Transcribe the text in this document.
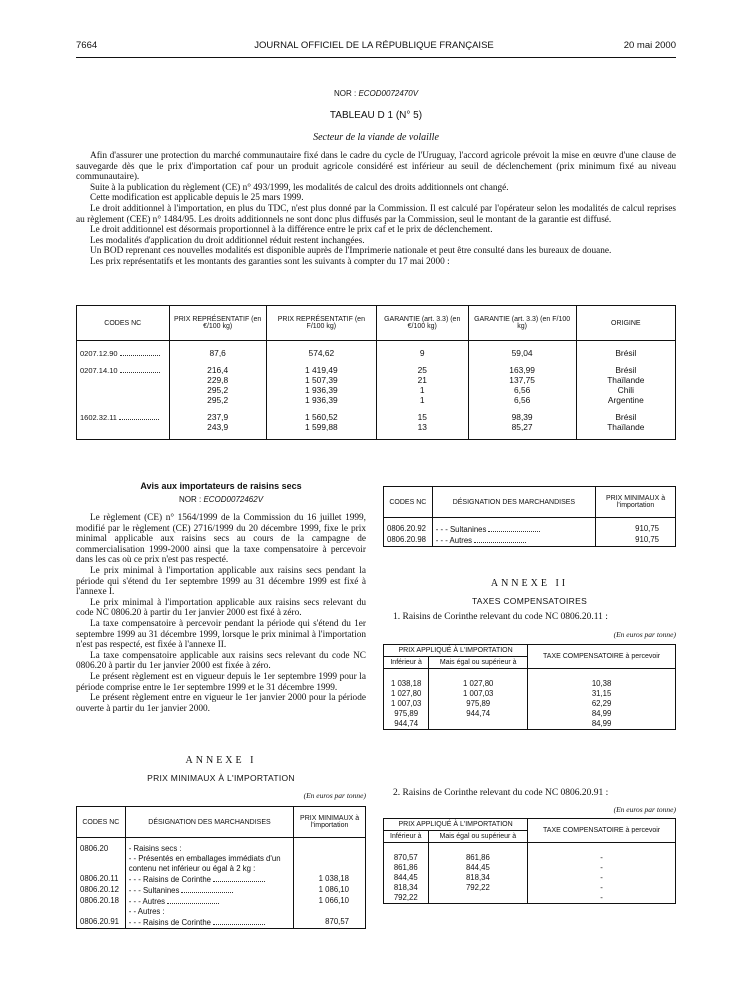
7664	JOURNAL OFFICIEL DE LA RÉPUBLIQUE FRANÇAISE	20 mai 2000
NOR : ECOD0072470V
TABLEAU D 1 (N° 5)
Secteur de la viande de volaille

Afin d'assurer une protection du marché communautaire fixé dans le cadre du cycle de l'Uruguay, l'accord agricole prévoit la mise en œuvre d'une clause de sauvegarde dès que le prix d'importation caf pour un produit agricole considéré est inférieur au seuil de déclenchement (prix minimum fixé au niveau communautaire).

Suite à la publication du règlement (CE) n° 493/1999, les modalités de calcul des droits additionnels ont changé.

Cette modification est applicable depuis le 25 mars 1999.

Le droit additionnel à l'importation, en plus du TDC, n'est plus donné par la Commission. Il est calculé par l'opérateur selon les modalités de calcul reprises au règlement (CEE) n° 1484/95. Les droits additionnels ne sont donc plus diffusés par la Commission, seul le montant de la garantie est diffusé.

Le droit additionnel est désormais proportionnel à la différence entre le prix caf et le prix de déclenchement.

Les modalités d'application du droit additionnel réduit restent inchangées.

Un BOD reprenant ces nouvelles modalités est disponible auprès de l'Imprimerie nationale et peut être consulté dans les bureaux de douane.

Les prix représentatifs et les montants des garanties sont les suivants à compter du 17 mai 2000 :

CODES NC	PRIX REPRÉSENTATIF (en €/100 kg)	PRIX REPRÉSENTATIF (en F/100 kg)	GARANTIE (art. 3.3) (en €/100 kg)	GARANTIE (art. 3.3) (en F/100 kg)	ORIGINE

0207.12.90	87,6	574,62	9	59,04	Brésil

0207.14.10	216,4	1 419,49	25	163,99	Brésil
	229,8	1 507,39	21	137,75	Thaïlande
	295,2	1 936,39	1	6,56	Chili
	295,2	1 936,39	1	6,56	Argentine

1602.32.11	237,9	1 560,52	15	98,39	Brésil
	243,9	1 599,88	13	85,27	Thaïlande

Avis aux importateurs de raisins secs
NOR : ECOD0072462V

Le règlement (CE) n° 1564/1999 de la Commission du 16 juillet 1999, modifié par le règlement (CE) 2716/1999 du 20 décembre 1999, fixe le prix minimal applicable aux raisins secs au cours de la campagne de commercialisation 1999-2000 ainsi que la taxe compensatoire à percevoir dans les cas où ce prix n'est pas respecté.

Le prix minimal à l'importation applicable aux raisins secs pendant la période qui s'étend du 1er septembre 1999 au 31 décembre 1999 est fixé à l'annexe I.

Le prix minimal à l'importation applicable aux raisins secs relevant du code NC 0806.20 à partir du 1er janvier 2000 est fixé à zéro.

La taxe compensatoire à percevoir pendant la période qui s'étend du 1er septembre 1999 au 31 décembre 1999, lorsque le prix minimal à l'importation n'est pas respecté, est fixée à l'annexe II.

La taxe compensatoire applicable aux raisins secs relevant du code NC 0806.20 à partir du 1er janvier 2000 est fixée à zéro.

Le présent règlement est en vigueur depuis le 1er septembre 1999 pour la période comprise entre le 1er septembre 1999 et le 31 décembre 1999.

Le présent règlement entre en vigueur le 1er janvier 2000 pour la période ouverte à partir du 1er janvier 2000.

ANNEXE I
PRIX MINIMAUX À L'IMPORTATION
(En euros par tonne)
CODES NC	DÉSIGNATION DES MARCHANDISES	PRIX MINIMAUX à l'importation

0806.20	- Raisins secs :	
	- - Présentés en emballages immédiats d'un contenu net inférieur ou égal à 2 kg :	
0806.20.11	- - - Raisins de Corinthe	1 038,18
0806.20.12	- - - Sultanines	1 086,10
0806.20.18	- - - Autres	1 066,10
	- - Autres :	
0806.20.91	- - - Raisins de Corinthe	870,57
CODES NC	DÉSIGNATION DES MARCHANDISES	PRIX MINIMAUX à l'importation

0806.20.92	- - - Sultanines	910,75
0806.20.98	- - - Autres	910,75
ANNEXE II
TAXES COMPENSATOIRES
1. Raisins de Corinthe relevant du code NC 0806.20.11 :
(En euros par tonne)
PRIX APPLIQUÉ À L'IMPORTATION		TAXE COMPENSATOIRE à percevoir
Inférieur à	Mais égal ou supérieur à	

1 038,18	1 027,80	10,38
1 027,80	1 007,03	31,15
1 007,03	975,89	62,29
975,89	944,74	84,99
944,74		84,99
2. Raisins de Corinthe relevant du code NC 0806.20.91 :
(En euros par tonne)
PRIX APPLIQUÉ À L'IMPORTATION		TAXE COMPENSATOIRE à percevoir
Inférieur à	Mais égal ou supérieur à	

870,57	861,86	-
861,86	844,45	-
844,45	818,34	-
818,34	792,22	-
792,22		-
